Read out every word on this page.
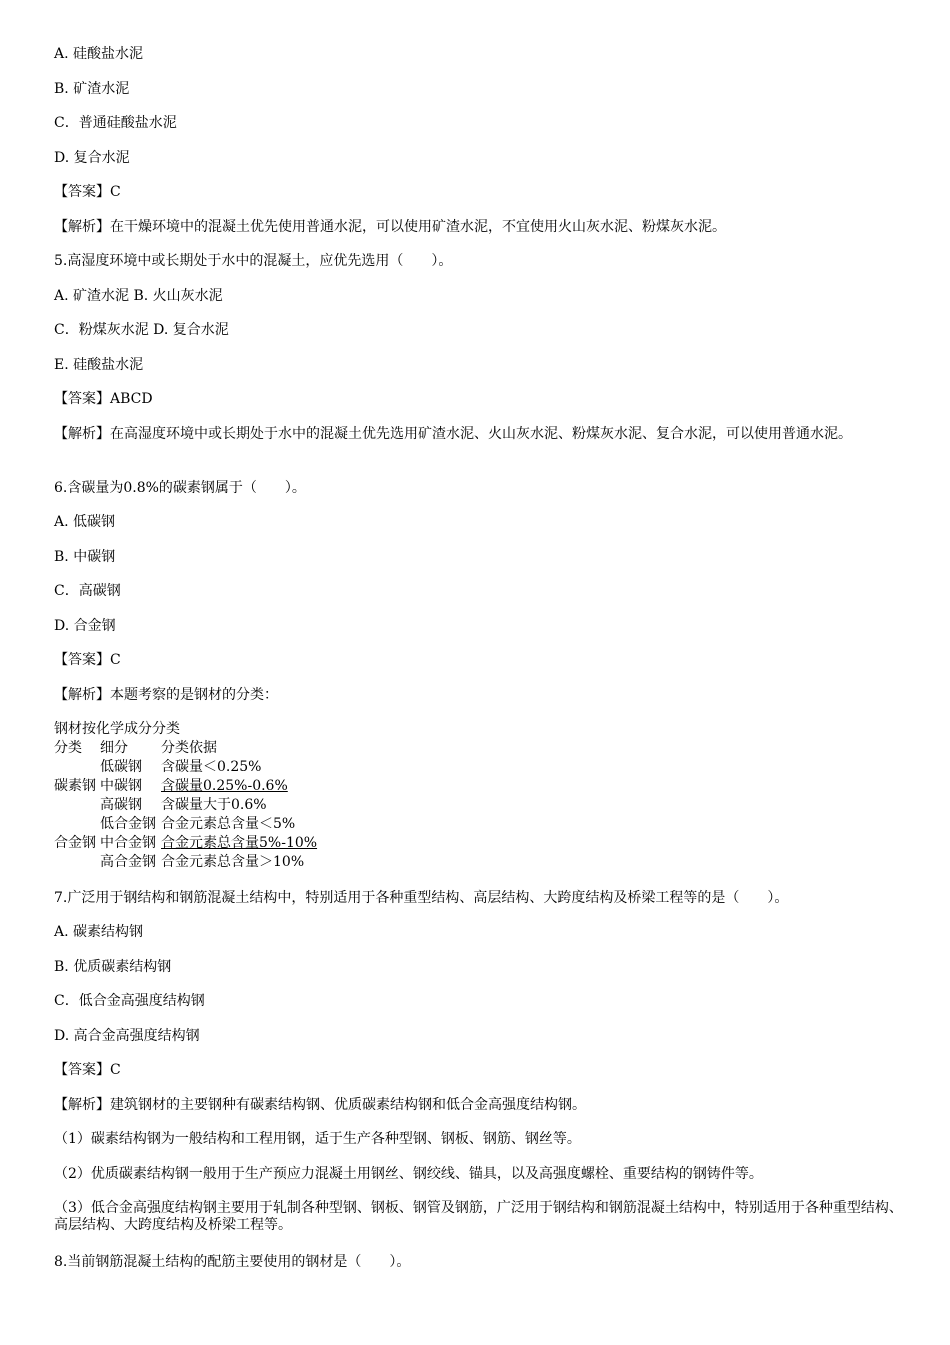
A. 硅酸盐水泥
B. 矿渣水泥
C．普通硅酸盐水泥
D. 复合水泥
【答案】C
【解析】在干燥环境中的混凝土优先使用普通水泥，可以使用矿渣水泥，不宜使用火山灰水泥、粉煤灰水泥。
5.高湿度环境中或长期处于水中的混凝土，应优先选用（　　）。
A. 矿渣水泥 B. 火山灰水泥
C．粉煤灰水泥 D. 复合水泥
E. 硅酸盐水泥
【答案】ABCD
【解析】在高湿度环境中或长期处于水中的混凝土优先选用矿渣水泥、火山灰水泥、粉煤灰水泥、复合水泥，可以使用普通水泥。
6.含碳量为0.8%的碳素钢属于（　　）。
A. 低碳钢
B. 中碳钢
C．高碳钢
D. 合金钢
【答案】C
【解析】本题考察的是钢材的分类：
钢材按化学成分分类
分类 细分 分类依据
低碳钢 含碳量＜0.25%
碳素钢 中碳钢 含碳量0.25%-0.6%
高碳钢 含碳量大于0.6%
低合金钢 合金元素总含量＜5%
合金钢 中合金钢 合金元素总含量5%-10%
高合金钢 合金元素总含量＞10%
7.广泛用于钢结构和钢筋混凝土结构中，特别适用于各种重型结构、高层结构、大跨度结构及桥梁工程等的是（　　）。
A. 碳素结构钢
B. 优质碳素结构钢
C．低合金高强度结构钢
D. 高合金高强度结构钢
【答案】C
【解析】建筑钢材的主要钢种有碳素结构钢、优质碳素结构钢和低合金高强度结构钢。
（1）碳素结构钢为一般结构和工程用钢，适于生产各种型钢、钢板、钢筋、钢丝等。
（2）优质碳素结构钢一般用于生产预应力混凝土用钢丝、钢绞线、锚具，以及高强度螺栓、重要结构的钢铸件等。
（3）低合金高强度结构钢主要用于轧制各种型钢、钢板、钢管及钢筋，广泛用于钢结构和钢筋混凝土结构中，特别适用于各种重型结构、高层结构、大跨度结构及桥梁工程等。
8.当前钢筋混凝土结构的配筋主要使用的钢材是（　　）。
